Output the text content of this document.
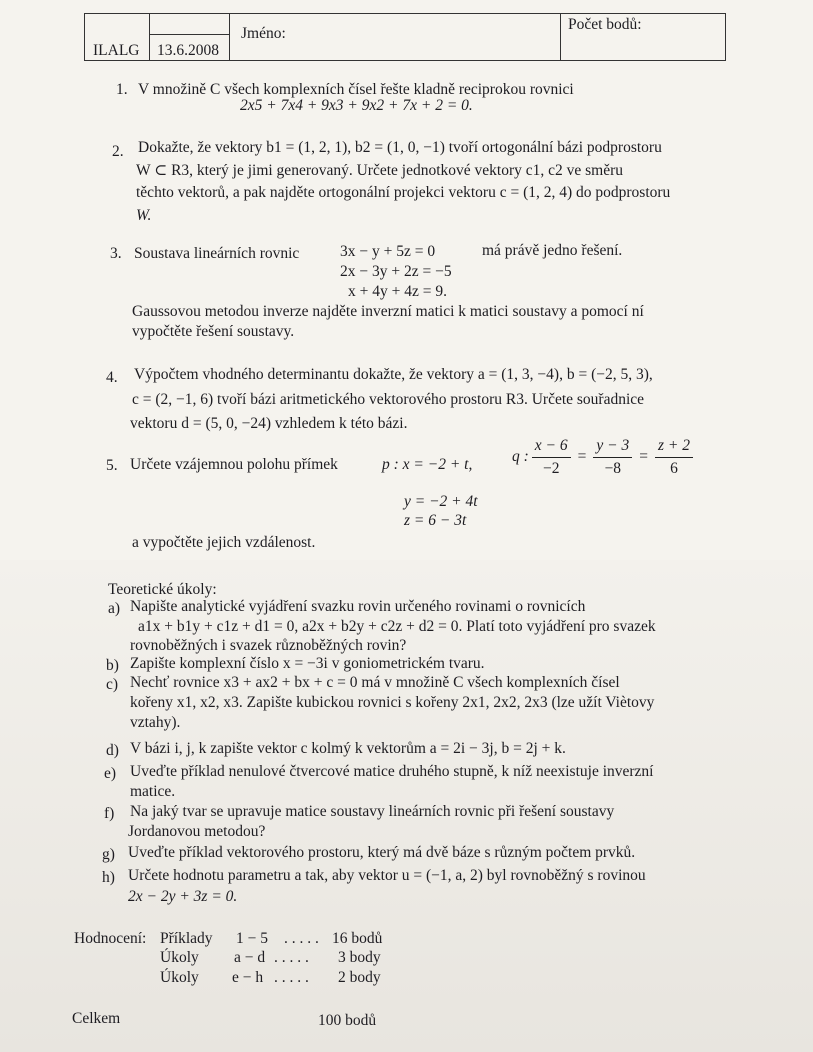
ILALG 13.6.2008
Jméno:
Počet bodů:
1. V množině C všech komplexních čísel řešte kladně reciprokou rovnici
2x5 + 7x4 + 9x3 + 9x2 + 7x + 2 = 0.
2. Dokažte, že vektory b1 = (1, 2, 1), b2 = (1, 0, −1) tvoří ortogonální bázi podprostoru
W ⊂ R3, který je jimi generovaný. Určete jednotkové vektory c1, c2 ve směru
těchto vektorů, a pak najděte ortogonální projekci vektoru c = (1, 2, 4) do podprostoru
W.
3. Soustava lineárních rovnic	3x − y + 5z = 0	má právě jedno řešení.
2x − 3y + 2z = −5
x + 4y + 4z = 9.
Gaussovou metodou inverze najděte inverzní matici k matici soustavy a pomocí ní
vypočtěte řešení soustavy.
4. Výpočtem vhodného determinantu dokažte, že vektory a = (1, 3, −4), b = (−2, 5, 3),
c = (2, −1, 6) tvoří bázi aritmetického vektorového prostoru R3. Určete souřadnice
vektoru d = (5, 0, −24) vzhledem k této bázi.
5. Určete vzájemnou polohu přímek	p : x = −2 + t,	q : $\frac{x - 6}{-2} = \frac{y - 3}{-8} = \frac{z + 2}{6}$
y = −2 + 4t
z = 6 − 3t
a vypočtěte jejich vzdálenost.
Teoretické úkoly:
a) Napište analytické vyjádření svazku rovin určeného rovinami o rovnicích
a1x + b1y + c1z + d1 = 0, a2x + b2y + c2z + d2 = 0. Platí toto vyjádření pro svazek
rovnoběžných i svazek různoběžných rovin?
b) Zapište komplexní číslo x = −3i v goniometrickém tvaru.
c) Nechť rovnice x3 + ax2 + bx + c = 0 má v množině C všech komplexních čísel
kořeny x1, x2, x3. Zapište kubickou rovnici s kořeny 2x1, 2x2, 2x3 (lze užít Viètovy
vztahy).
d) V bázi i, j, k zapište vektor c kolmý k vektorům a = 2i − 3j, b = 2j + k.
e) Uveďte příklad nenulové čtvercové matice druhého stupně, k níž neexistuje inverzní
matice.
f) Na jaký tvar se upravuje matice soustavy lineárních rovnic při řešení soustavy
Jordanovou metodou?
g) Uveďte příklad vektorového prostoru, který má dvě báze s různým počtem prvků.
h) Určete hodnotu parametru a tak, aby vektor u = (−1, a, 2) byl rovnoběžný s rovinou
2x − 2y + 3z = 0.
Hodnocení: Příklady 1 − 5 . . . . . 16 bodů
Úkoly a − d . . . . . 3 body
Úkoly e − h . . . . . 2 body
Celkem	100 bodů
